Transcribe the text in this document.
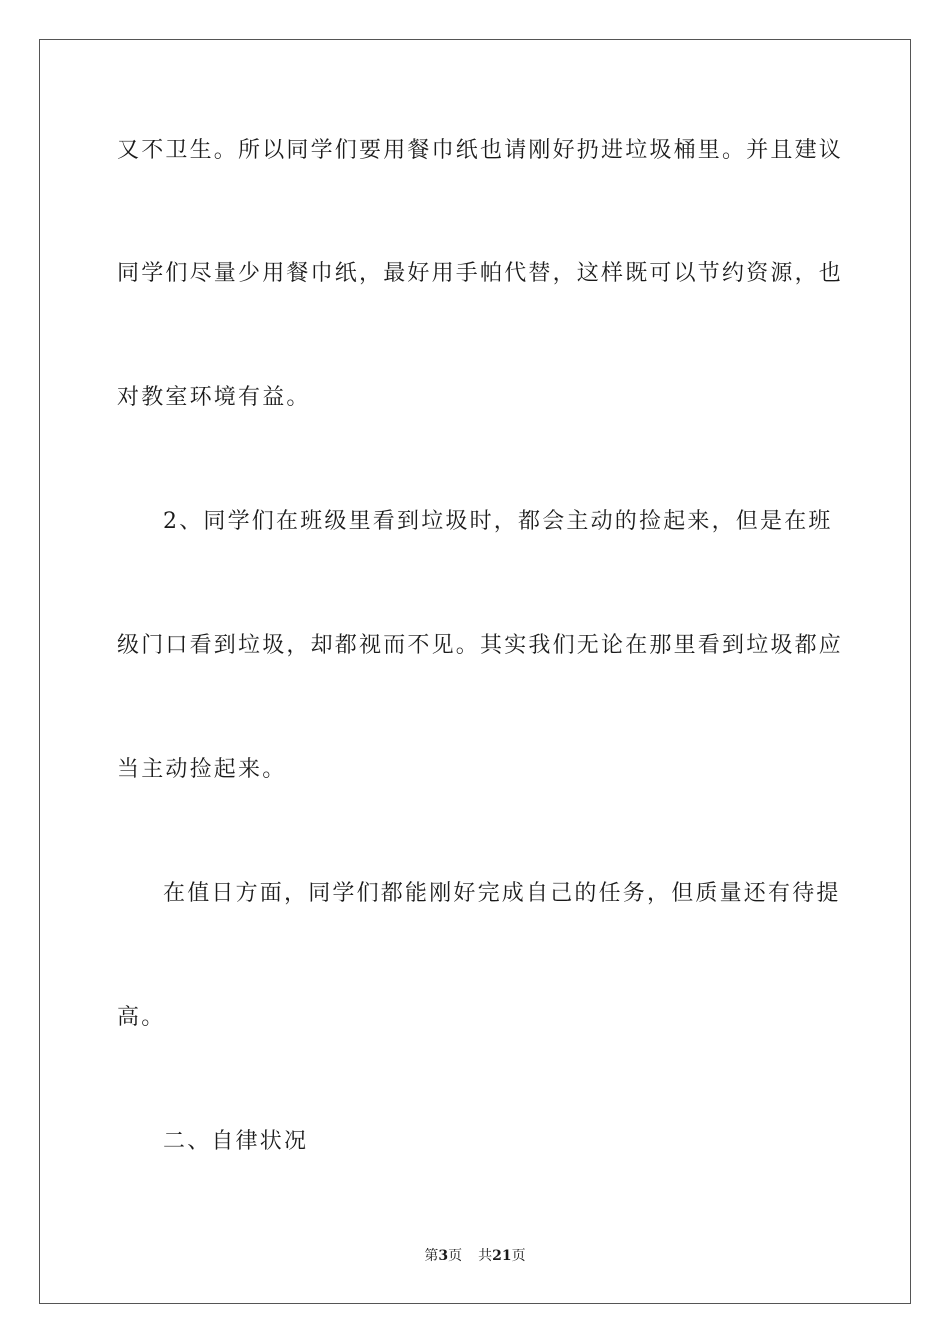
又不卫生。所以同学们要用餐巾纸也请刚好扔进垃圾桶里。并且建议

同学们尽量少用餐巾纸，最好用手帕代替，这样既可以节约资源，也

对教室环境有益。

2、同学们在班级里看到垃圾时，都会主动的捡起来，但是在班

级门口看到垃圾，却都视而不见。其实我们无论在那里看到垃圾都应

当主动捡起来。

在值日方面，同学们都能刚好完成自己的任务，但质量还有待提

高。

二、自律状况

第3页 共21页
